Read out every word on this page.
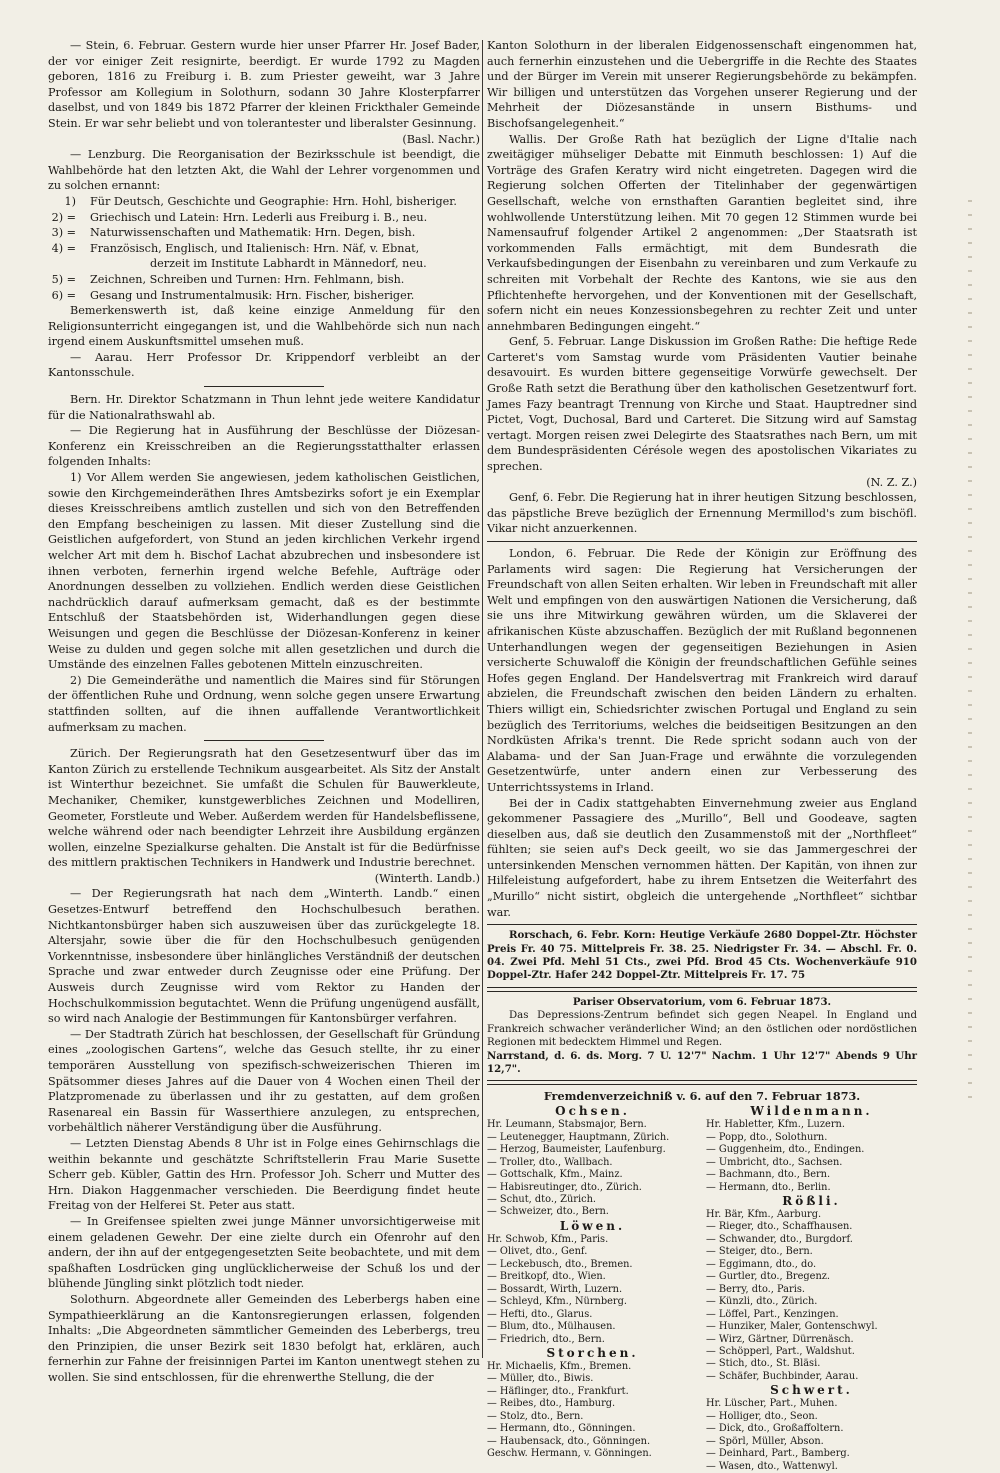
— Stein, 6. Februar. Gestern wurde hier unser Pfarrer Hr. Josef Bader, der vor einiger Zeit resignirte, beerdigt. Er wurde 1792 zu Magden geboren, 1816 zu Freiburg i. B. zum Priester geweiht, war 3 Jahre Professor am Kollegium in Solothurn, sodann 30 Jahre Klosterpfarrer daselbst, und von 1849 bis 1872 Pfarrer der kleinen Frickthaler Gemeinde Stein. Er war sehr beliebt und von tolerantester und liberalster Gesinnung.

(Basl. Nachr.)

— Lenzburg. Die Reorganisation der Bezirksschule ist beendigt, die Wahlbehörde hat den letzten Akt, die Wahl der Lehrer vorgenommen und zu solchen ernannt:

1)	Für Deutsch, Geschichte und Geographie: Hrn. Hohl, bisheriger.
2) =	Griechisch und Latein: Hrn. Lederli aus Freiburg i. B., neu.
3) =	Naturwissenschaften und Mathematik: Hrn. Degen, bish.
4) =	Französisch, Englisch, und Italienisch: Hrn. Näf, v. Ebnat,
derzeit im Institute Labhardt in Männedorf, neu.
5) =	Zeichnen, Schreiben und Turnen: Hrn. Fehlmann, bish.
6) =	Gesang und Instrumentalmusik: Hrn. Fischer, bisheriger.

Bemerkenswerth ist, daß keine einzige Anmeldung für den Religionsunterricht eingegangen ist, und die Wahlbehörde sich nun nach irgend einem Auskunftsmittel umsehen muß.

— Aarau. Herr Professor Dr. Krippendorf verbleibt an der Kantonsschule.

Bern. Hr. Direktor Schatzmann in Thun lehnt jede weitere Kandidatur für die Nationalrathswahl ab.

— Die Regierung hat in Ausführung der Beschlüsse der Diözesan-Konferenz ein Kreisschreiben an die Regierungsstatthalter erlassen folgenden Inhalts:

1) Vor Allem werden Sie angewiesen, jedem katholischen Geistlichen, sowie den Kirchgemeinderäthen Ihres Amtsbezirks sofort je ein Exemplar dieses Kreisschreibens amtlich zustellen und sich von den Betreffenden den Empfang bescheinigen zu lassen. Mit dieser Zustellung sind die Geistlichen aufgefordert, von Stund an jeden kirchlichen Verkehr irgend welcher Art mit dem h. Bischof Lachat abzubrechen und insbesondere ist ihnen verboten, fernerhin irgend welche Befehle, Aufträge oder Anordnungen desselben zu vollziehen. Endlich werden diese Geistlichen nachdrücklich darauf aufmerksam gemacht, daß es der bestimmte Entschluß der Staatsbehörden ist, Widerhandlungen gegen diese Weisungen und gegen die Beschlüsse der Diözesan-Konferenz in keiner Weise zu dulden und gegen solche mit allen gesetzlichen und durch die Umstände des einzelnen Falles gebotenen Mitteln einzuschreiten.

2) Die Gemeinderäthe und namentlich die Maires sind für Störungen der öffentlichen Ruhe und Ordnung, wenn solche gegen unsere Erwartung stattfinden sollten, auf die ihnen auffallende Verantwortlichkeit aufmerksam zu machen.

Zürich. Der Regierungsrath hat den Gesetzesentwurf über das im Kanton Zürich zu erstellende Technikum ausgearbeitet. Als Sitz der Anstalt ist Winterthur bezeichnet. Sie umfaßt die Schulen für Bauwerkleute, Mechaniker, Chemiker, kunstgewerbliches Zeichnen und Modelliren, Geometer, Forstleute und Weber. Außerdem werden für Handelsbeflissene, welche während oder nach beendigter Lehrzeit ihre Ausbildung ergänzen wollen, einzelne Spezialkurse gehalten. Die Anstalt ist für die Bedürfnisse des mittlern praktischen Technikers in Handwerk und Industrie berechnet.

(Winterth. Landb.)

— Der Regierungsrath hat nach dem „Winterth. Landb.“ einen Gesetzes-Entwurf betreffend den Hochschulbesuch berathen. Nichtkantonsbürger haben sich auszuweisen über das zurückgelegte 18. Altersjahr, sowie über die für den Hochschulbesuch genügenden Vorkenntnisse, insbesondere über hinlängliches Verständniß der deutschen Sprache und zwar entweder durch Zeugnisse oder eine Prüfung. Der Ausweis durch Zeugnisse wird vom Rektor zu Handen der Hochschulkommission begutachtet. Wenn die Prüfung ungenügend ausfällt, so wird nach Analogie der Bestimmungen für Kantonsbürger verfahren.

— Der Stadtrath Zürich hat beschlossen, der Gesellschaft für Gründung eines „zoologischen Gartens“, welche das Gesuch stellte, ihr zu einer temporären Ausstellung von spezifisch-schweizerischen Thieren im Spätsommer dieses Jahres auf die Dauer von 4 Wochen einen Theil der Platzpromenade zu überlassen und ihr zu gestatten, auf dem großen Rasenareal ein Bassin für Wasserthiere anzulegen, zu entsprechen, vorbehältlich näherer Verständigung über die Ausführung.

— Letzten Dienstag Abends 8 Uhr ist in Folge eines Gehirnschlags die weithin bekannte und geschätzte Schriftstellerin Frau Marie Susette Scherr geb. Kübler, Gattin des Hrn. Professor Joh. Scherr und Mutter des Hrn. Diakon Haggenmacher verschieden. Die Beerdigung findet heute Freitag von der Helferei St. Peter aus statt.

— In Greifensee spielten zwei junge Männer unvorsichtigerweise mit einem geladenen Gewehr. Der eine zielte durch ein Ofenrohr auf den andern, der ihn auf der entgegengesetzten Seite beobachtete, und mit dem spaßhaften Losdrücken ging unglücklicherweise der Schuß los und der blühende Jüngling sinkt plötzlich todt nieder.

Solothurn. Abgeordnete aller Gemeinden des Leberbergs haben eine Sympathieerklärung an die Kantonsregierungen erlassen, folgenden Inhalts: „Die Abgeordneten sämmtlicher Gemeinden des Leberbergs, treu den Prinzipien, die unser Bezirk seit 1830 befolgt hat, erklären, auch fernerhin zur Fahne der freisinnigen Partei im Kanton unentwegt stehen zu wollen. Sie sind entschlossen, für die ehrenwerthe Stellung, die der

Kanton Solothurn in der liberalen Eidgenossenschaft eingenommen hat, auch fernerhin einzustehen und die Uebergriffe in die Rechte des Staates und der Bürger im Verein mit unserer Regierungsbehörde zu bekämpfen. Wir billigen und unterstützen das Vorgehen unserer Regierung und der Mehrheit der Diözesanstände in unsern Bisthums- und Bischofsangelegenheit.“

Wallis. Der Große Rath hat bezüglich der Ligne d'Italie nach zweitägiger mühseliger Debatte mit Einmuth beschlossen: 1) Auf die Vorträge des Grafen Keratry wird nicht eingetreten. Dagegen wird die Regierung solchen Offerten der Titelinhaber der gegenwärtigen Gesellschaft, welche von ernsthaften Garantien begleitet sind, ihre wohlwollende Unterstützung leihen. Mit 70 gegen 12 Stimmen wurde bei Namensaufruf folgender Artikel 2 angenommen: „Der Staatsrath ist vorkommenden Falls ermächtigt, mit dem Bundesrath die Verkaufsbedingungen der Eisenbahn zu vereinbaren und zum Verkaufe zu schreiten mit Vorbehalt der Rechte des Kantons, wie sie aus den Pflichtenhefte hervorgehen, und der Konventionen mit der Gesellschaft, sofern nicht ein neues Konzessionsbegehren zu rechter Zeit und unter annehmbaren Bedingungen eingeht.“

Genf, 5. Februar. Lange Diskussion im Großen Rathe: Die heftige Rede Carteret's vom Samstag wurde vom Präsidenten Vautier beinahe desavouirt. Es wurden bittere gegenseitige Vorwürfe gewechselt. Der Große Rath setzt die Berathung über den katholischen Gesetzentwurf fort. James Fazy beantragt Trennung von Kirche und Staat. Hauptredner sind Pictet, Vogt, Duchosal, Bard und Carteret. Die Sitzung wird auf Samstag vertagt. Morgen reisen zwei Delegirte des Staatsrathes nach Bern, um mit dem Bundespräsidenten Cérésole wegen des apostolischen Vikariates zu sprechen.

(N. Z. Z.)

Genf, 6. Febr. Die Regierung hat in ihrer heutigen Sitzung beschlossen, das päpstliche Breve bezüglich der Ernennung Mermillod's zum bischöfl. Vikar nicht anzuerkennen.

London, 6. Februar. Die Rede der Königin zur Eröffnung des Parlaments wird sagen: Die Regierung hat Versicherungen der Freundschaft von allen Seiten erhalten. Wir leben in Freundschaft mit aller Welt und empfingen von den auswärtigen Nationen die Versicherung, daß sie uns ihre Mitwirkung gewähren würden, um die Sklaverei der afrikanischen Küste abzuschaffen. Bezüglich der mit Rußland begonnenen Unterhandlungen wegen der gegenseitigen Beziehungen in Asien versicherte Schuwaloff die Königin der freundschaftlichen Gefühle seines Hofes gegen England. Der Handelsvertrag mit Frankreich wird darauf abzielen, die Freundschaft zwischen den beiden Ländern zu erhalten. Thiers willigt ein, Schiedsrichter zwischen Portugal und England zu sein bezüglich des Territoriums, welches die beidseitigen Besitzungen an den Nordküsten Afrika's trennt. Die Rede spricht sodann auch von der Alabama- und der San Juan-Frage und erwähnte die vorzulegenden Gesetzentwürfe, unter andern einen zur Verbesserung des Unterrichtssystems in Irland.

Bei der in Cadix stattgehabten Einvernehmung zweier aus England gekommener Passagiere des „Murillo“, Bell und Goodeave, sagten dieselben aus, daß sie deutlich den Zusammenstoß mit der „Northfleet“ fühlten; sie seien auf's Deck geeilt, wo sie das Jammergeschrei der untersinkenden Menschen vernommen hätten. Der Kapitän, von ihnen zur Hilfeleistung aufgefordert, habe zu ihrem Entsetzen die Weiterfahrt des „Murillo“ nicht sistirt, obgleich die untergehende „Northfleet“ sichtbar war.

Rorschach, 6. Febr. Korn: Heutige Verkäufe 2680 Doppel-Ztr. Höchster Preis Fr. 40 75. Mittelpreis Fr. 38. 25. Niedrigster Fr. 34. — Abschl. Fr. 0. 04. Zwei Pfd. Mehl 51 Cts., zwei Pfd. Brod 45 Cts. Wochenverkäufe 910 Doppel-Ztr. Hafer 242 Doppel-Ztr. Mittelpreis Fr. 17. 75

Pariser Observatorium, vom 6. Februar 1873.

Das Depressions-Zentrum befindet sich gegen Neapel. In England und Frankreich schwacher veränderlicher Wind; an den östlichen oder nordöstlichen Regionen mit bedecktem Himmel und Regen.

Narrstand, d. 6. ds. Morg. 7 U. 12'7" Nachm. 1 Uhr 12'7" Abends 9 Uhr 12,7".

Fremdenverzeichniß v. 6. auf den 7. Februar 1873.
Ochsen.
Hr. Leumann, Stabsmajor, Bern.
— Leutenegger, Hauptmann, Zürich.
— Herzog, Baumeister, Laufenburg.
— Troller, dto., Wallbach.
— Gottschalk, Kfm., Mainz.
— Habisreutinger, dto., Zürich.
— Schut, dto., Zürich.
— Schweizer, dto., Bern.
Löwen.
Hr. Schwob, Kfm., Paris.
— Olivet, dto., Genf.
— Leckebusch, dto., Bremen.
— Breitkopf, dto., Wien.
— Bossardt, Wirth, Luzern.
— Schleyd, Kfm., Nürnberg.
— Hefti, dto., Glarus.
— Blum, dto., Mülhausen.
— Friedrich, dto., Bern.
Storchen.
Hr. Michaelis, Kfm., Bremen.
— Müller, dto., Biwis.
— Häflinger, dto., Frankfurt.
— Reibes, dto., Hamburg.
— Stolz, dto., Bern.
— Hermann, dto., Gönningen.
— Haubensack, dto., Gönningen.
Geschw. Hermann, v. Gönningen.
Wildenmann.
Hr. Habletter, Kfm., Luzern.
— Popp, dto., Solothurn.
— Guggenheim, dto., Endingen.
— Umbricht, dto., Sachsen.
— Bachmann, dto., Bern.
— Hermann, dto., Berlin.
Rößli.
Hr. Bär, Kfm., Aarburg.
— Rieger, dto., Schaffhausen.
— Schwander, dto., Burgdorf.
— Steiger, dto., Bern.
— Eggimann, dto., do.
— Gurtler, dto., Bregenz.
— Berry, dto., Paris.
— Künzli, dto., Zürich.
— Löffel, Part., Kenzingen.
— Hunziker, Maler, Gontenschwyl.
— Wirz, Gärtner, Dürrenäsch.
— Schöpperl, Part., Waldshut.
— Stich, dto., St. Bläsi.
— Schäfer, Buchbinder, Aarau.
Schwert.
Hr. Lüscher, Part., Muhen.
— Holliger, dto., Seon.
— Dick, dto., Großaffoltern.
— Spörl, Müller, Abson.
— Deinhard, Part., Bamberg.
— Wasen, dto., Wattenwyl.
